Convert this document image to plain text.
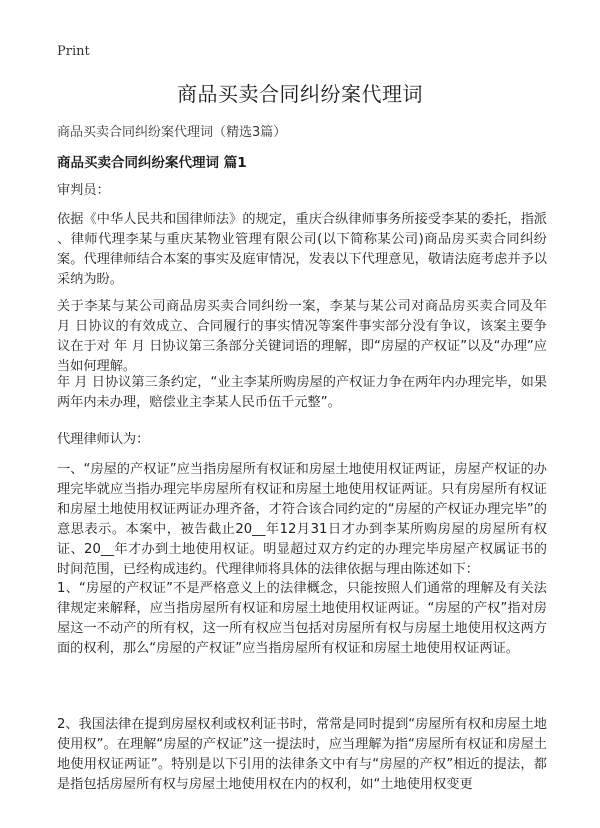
Print
商品买卖合同纠纷案代理词
商品买卖合同纠纷案代理词（精选3篇）
商品买卖合同纠纷案代理词 篇1

审判员：

依据《中华人民共和国律师法》的规定，重庆合纵律师事务所接受李某的委托，指派 、律师代理李某与重庆某物业管理有限公司(以下简称某公司)商品房买卖合同纠纷案。代理律师结合本案的事实及庭审情况，发表以下代理意见，敬请法庭考虑并予以采纳为盼。

关于李某与某公司商品房买卖合同纠纷一案，李某与某公司对商品房买卖合同及年 月 日协议的有效成立、合同履行的事实情况等案件事实部分没有争议，该案主要争议在于对 年 月 日协议第三条部分关键词语的理解，即“房屋的产权证”以及“办理”应当如何理解。

年 月 日协议第三条约定，“业主李某所购房屋的产权证力争在两年内办理完毕，如果两年内未办理，赔偿业主李某人民币伍千元整”。

代理律师认为：

一、“房屋的产权证”应当指房屋所有权证和房屋土地使用权证两证，房屋产权证的办理完毕就应当指办理完毕房屋所有权证和房屋土地使用权证两证。只有房屋所有权证和房屋土地使用权证两证办理齐备，才符合该合同约定的“房屋的产权证办理完毕”的意思表示。本案中，被告截止20__年12月31日才办到李某所购房屋的房屋所有权证、20__年才办到土地使用权证。明显超过双方约定的办理完毕房屋产权属证书的时间范围，已经构成违约。代理律师将具体的法律依据与理由陈述如下：

1、“房屋的产权证”不是严格意义上的法律概念，只能按照人们通常的理解及有关法律规定来解释，应当指房屋所有权证和房屋土地使用权证两证。“房屋的产权”指对房屋这一不动产的所有权，这一所有权应当包括对房屋所有权与房屋土地使用权这两方面的权利，那么“房屋的产权证”应当指房屋所有权证和房屋土地使用权证两证。

2、我国法律在提到房屋权利或权利证书时，常常是同时提到“房屋所有权和房屋土地使用权”。在理解“房屋的产权证”这一提法时，应当理解为指“房屋所有权证和房屋土地使用权证两证”。特别是以下引用的法律条文中有与“房屋的产权”相近的提法，都是指包括房屋所有权与房屋土地使用权在内的权利，如“土地使用权变更
